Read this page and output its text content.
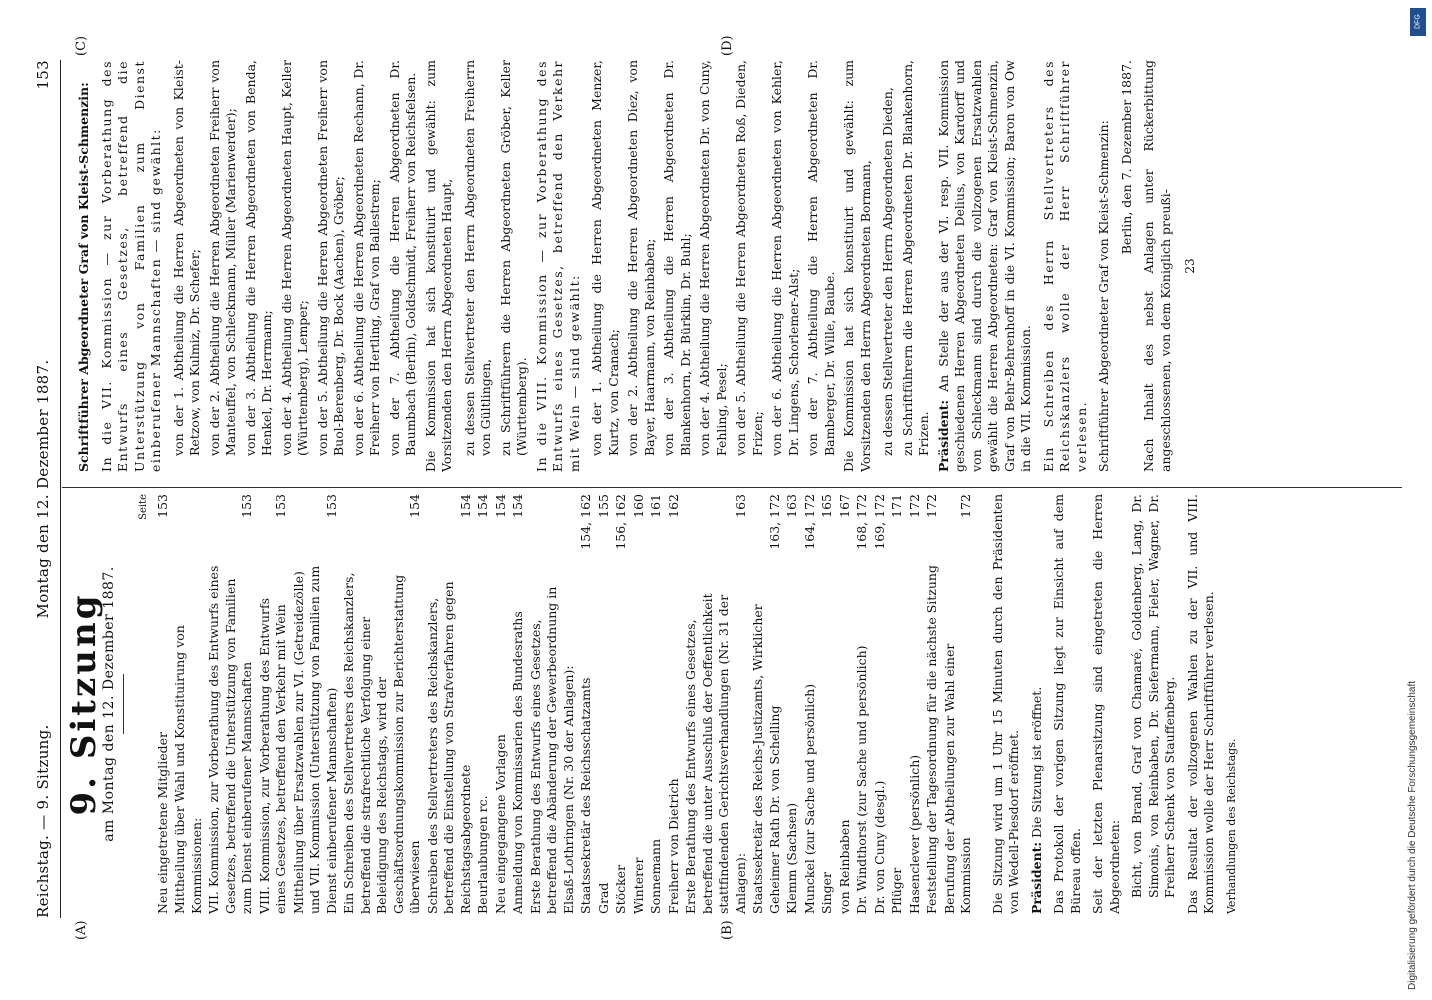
Reichstag. — 9. Sitzung.
Montag den 12. Dezember 1887.
153
(A)
(C)
(B)
(D)
9. Sitzung
am Montag den 12. Dezember 1887.
Seite
Neu eingetretene Mitglieder
153
Mittheilung über Wahl und Konstituirung von Kommissionen: VII. Kommission, zur Vorberathung des Entwurfs eines Gesetzes, betreffend die Unterstützung von Familien zum Dienst einberufener Mannschaften
153
VIII. Kommission, zur Vorberathung des Entwurfs eines Gesetzes, betreffend den Verkehr mit Wein
153
Mittheilung über Ersatzwahlen zur VI. (Getreidezölle) und VII. Kommission (Unterstützung von Familien zum Dienst einberufener Mannschaften)
153
Ein Schreiben des Stellvertreters des Reichskanzlers, betreffend die strafrechtliche Verfolgung einer Beleidigung des Reichstags, wird der Geschäftsordnungskommission zur Berichterstattung überwiesen
154
Schreiben des Stellvertreters des Reichskanzlers, betreffend die Einstellung von Strafverfahren gegen Reichstagsabgeordnete
154
Beurlaubungen rc.
154
Neu eingegangene Vorlagen
154
Anmeldung von Kommissarien des Bundesraths
154
Erste Berathung des Entwurfs eines Gesetzes, betreffend die Abänderung der Gewerbeordnung in Elsaß-Lothringen (Nr. 30 der Anlagen): Staatssekretär des Reichsschatzamts
154, 162
Grad
155
Stöcker
156, 162
Winterer
160
Sonnemann
161
Freiherr von Dietrich
162
Erste Berathung des Entwurfs eines Gesetzes, betreffend die unter Ausschluß der Oeffentlichkeit stattfindenden Gerichtsverhandlungen (Nr. 31 der Anlagen):
163
Staatssekretär des Reichs-Justizamts, Wirklicher Geheimer Rath Dr. von Schelling
163, 172
Klemm (Sachsen)
163
Munckel (zur Sache und persönlich)
164, 172
Singer
165
von Reinbaben
167
Dr. Windthorst (zur Sache und persönlich)
168, 172
Dr. von Cuny (desgl.)
169, 172
Pflüger
171
Hasenclever (persönlich)
172
Feststellung der Tagesordnung für die nächste Sitzung
172
Berufung der Abtheilungen zur Wahl einer Kommission
172 Die Sitzung wird um 1 Uhr 15 Minuten durch den Präsidenten von Wedell-Piesdorf eröffnet. Präsident: Die Sitzung ist eröffnet. Das Protokoll der vorigen Sitzung liegt zur Einsicht auf dem Büreau offen. Seit der letzten Plenarsitzung sind eingetreten die Herren Abgeordneten: Bicht, von Brand, Graf von Chamaré, Goldenberg, Lang, Dr. Simonis, von Reinbaben, Dr. Siefermann, Fieler, Wagner, Dr. Freiherr Schenk von Stauffenberg. Das Resultat der vollzogenen Wahlen zu der VII. und VIII. Kommission wolle der Herr Schriftführer verlesen. Verhandlungen des Reichstags.

Schriftführer Abgeordneter Graf von Kleist-Schmenzin: In die VII. Kommission — zur Vorberathung des Entwurfs eines Gesetzes, betreffend die Unterstützung von Familien zum Dienst einberufener Mannschaften — sind gewählt: von der 1. Abtheilung die Herren Abgeordneten von Kleist-Retzow, von Kulmiz, Dr. Schefer; von der 2. Abtheilung die Herren Abgeordneten Freiherr von Manteuffel, von Schleckmann, Müller (Marienwerder); von der 3. Abtheilung die Herren Abgeordneten von Benda, Henkel, Dr. Herrmann; von der 4. Abtheilung die Herren Abgeordneten Haupt, Keller (Württemberg), Lemper; von der 5. Abtheilung die Herren Abgeordneten Freiherr von Buol-Berenberg, Dr. Bock (Aachen), Gröber; von der 6. Abtheilung die Herren Abgeordneten Rechann, Dr. Freiherr von Hertling, Graf von Ballestrem; von der 7. Abtheilung die Herren Abgeordneten Dr. Baumbach (Berlin), Goldschmidt, Freiherr von Reichsfelsen. Die Kommission hat sich konstituirt und gewählt: zum Vorsitzenden den Herrn Abgeordneten Haupt, zu dessen Stellvertreter den Herrn Abgeordneten Freiherrn von Gültlingen, zu Schriftführern die Herren Abgeordneten Gröber, Keller (Württemberg). In die VIII. Kommission — zur Vorberathung des Entwurfs eines Gesetzes, betreffend den Verkehr mit Wein — sind gewählt: von der 1. Abtheilung die Herren Abgeordneten Menzer, Kurtz, von Cranach; von der 2. Abtheilung die Herren Abgeordneten Diez, von Bayer, Haarmann, von Reinbaben; von der 3. Abtheilung die Herren Abgeordneten Dr. Blankenhorn, Dr. Bürklin, Dr. Buhl; von der 4. Abtheilung die Herren Abgeordneten Dr. von Cuny, Fehling, Pesel; von der 5. Abtheilung die Herren Abgeordneten Roß, Dieden, Frizen; von der 6. Abtheilung die Herren Abgeordneten von Kehler, Dr. Lingens, Schorlemer-Alst; von der 7. Abtheilung die Herren Abgeordneten Dr. Bamberger, Dr. Wille, Baube. Die Kommission hat sich konstituirt und gewählt: zum Vorsitzenden den Herrn Abgeordneten Bormann, zu dessen Stellvertreter den Herrn Abgeordneten Dieden, zu Schriftführern die Herren Abgeordneten Dr. Blankenhorn, Frizen. Präsident: An Stelle der aus der VI. resp. VII. Kommission geschiedenen Herren Abgeordneten Delius, von Kardorff und von Schleckmann sind durch die vollzogenen Ersatzwahlen gewählt die Herren Abgeordneten: Graf von Kleist-Schmenzin, Graf von Behr-Behrenhoff in die VI. Kommission; Baron von Ow in die VII. Kommission. Ein Schreiben des Herrn Stellvertreters des Reichskanzlers wolle der Herr Schriftführer verlesen. Schriftführer Abgeordneter Graf von Kleist-Schmenzin: Berlin, den 7. Dezember 1887. Nach Inhalt des nebst Anlagen unter Rückerbittung angeschlossenen, von dem Königlich preußi- 23
DFG
Digitalisierung gefördert durch die Deutsche Forschungsgemeinschaft
